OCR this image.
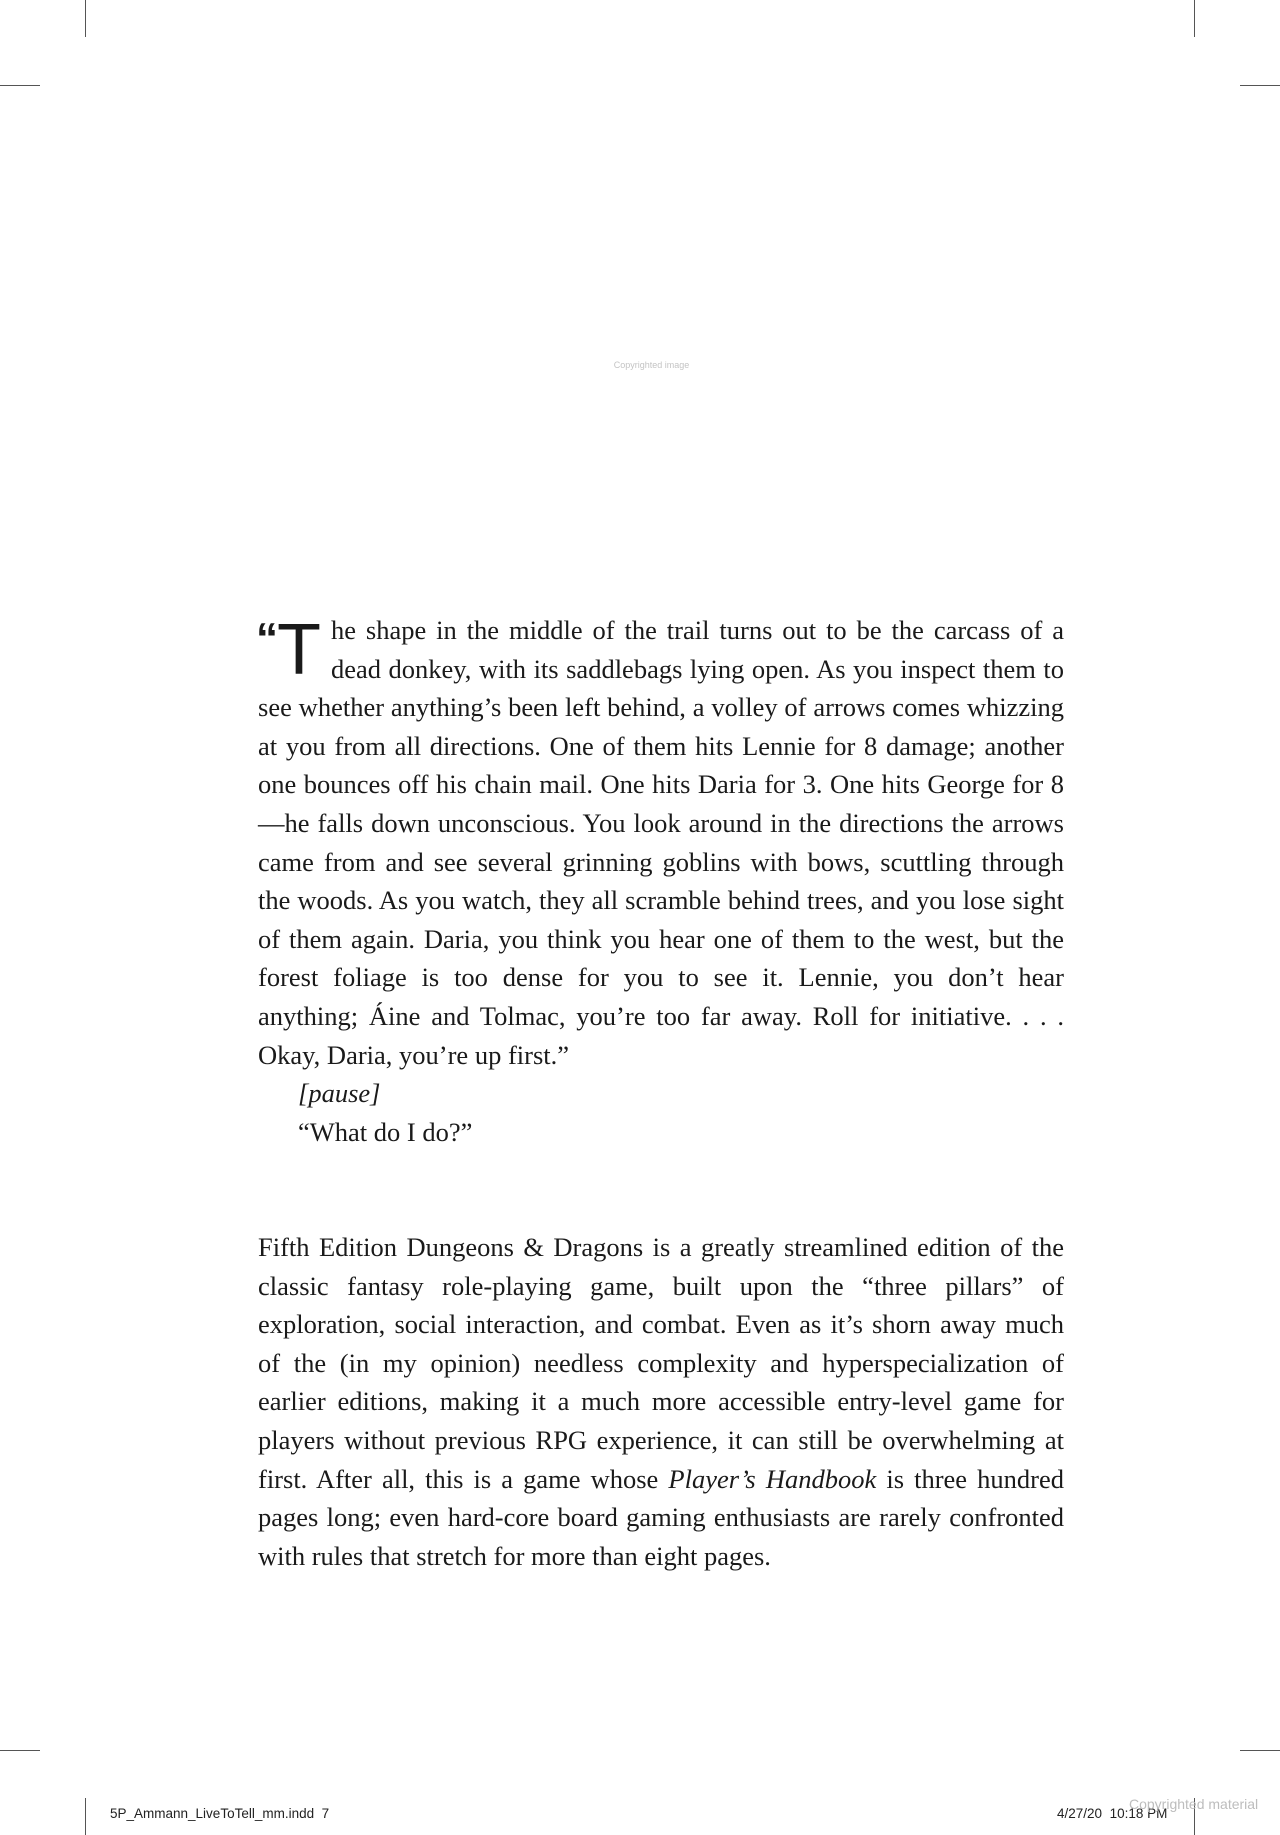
Copyrighted image

“T he shape in the middle of the trail turns out to be the carcass of a dead donkey, with its saddlebags lying open. As you inspect them to see whether anything’s been left behind, a volley of arrows comes whizzing at you from all directions. One of them hits Lennie for 8 damage; another one bounces off his chain mail. One hits Daria for 3. One hits George for 8—he falls down unconscious. You look around in the directions the arrows came from and see several grinning goblins with bows, scuttling through the woods. As you watch, they all scramble behind trees, and you lose sight of them again. Daria, you think you hear one of them to the west, but the forest foliage is too dense for you to see it. Lennie, you don’t hear anything; Áine and Tolmac, you’re too far away. Roll for initiative. . . . Okay, Daria, you’re up first.”

[pause]
“What do I do?”

Fifth Edition Dungeons & Dragons is a greatly streamlined edition of the classic fantasy role-playing game, built upon the “three pillars” of exploration, social interaction, and combat. Even as it’s shorn away much of the (in my opinion) needless complexity and hyperspecialization of earlier editions, making it a much more accessible entry-level game for players without previous RPG experience, it can still be overwhelming at first. After all, this is a game whose Player’s Handbook is three hundred pages long; even hard-core board gaming enthusiasts are rarely confronted with rules that stretch for more than eight pages.

5P_Ammann_LiveToTell_mm.indd 7	4/27/20 10:18 PM
Copyrighted material
